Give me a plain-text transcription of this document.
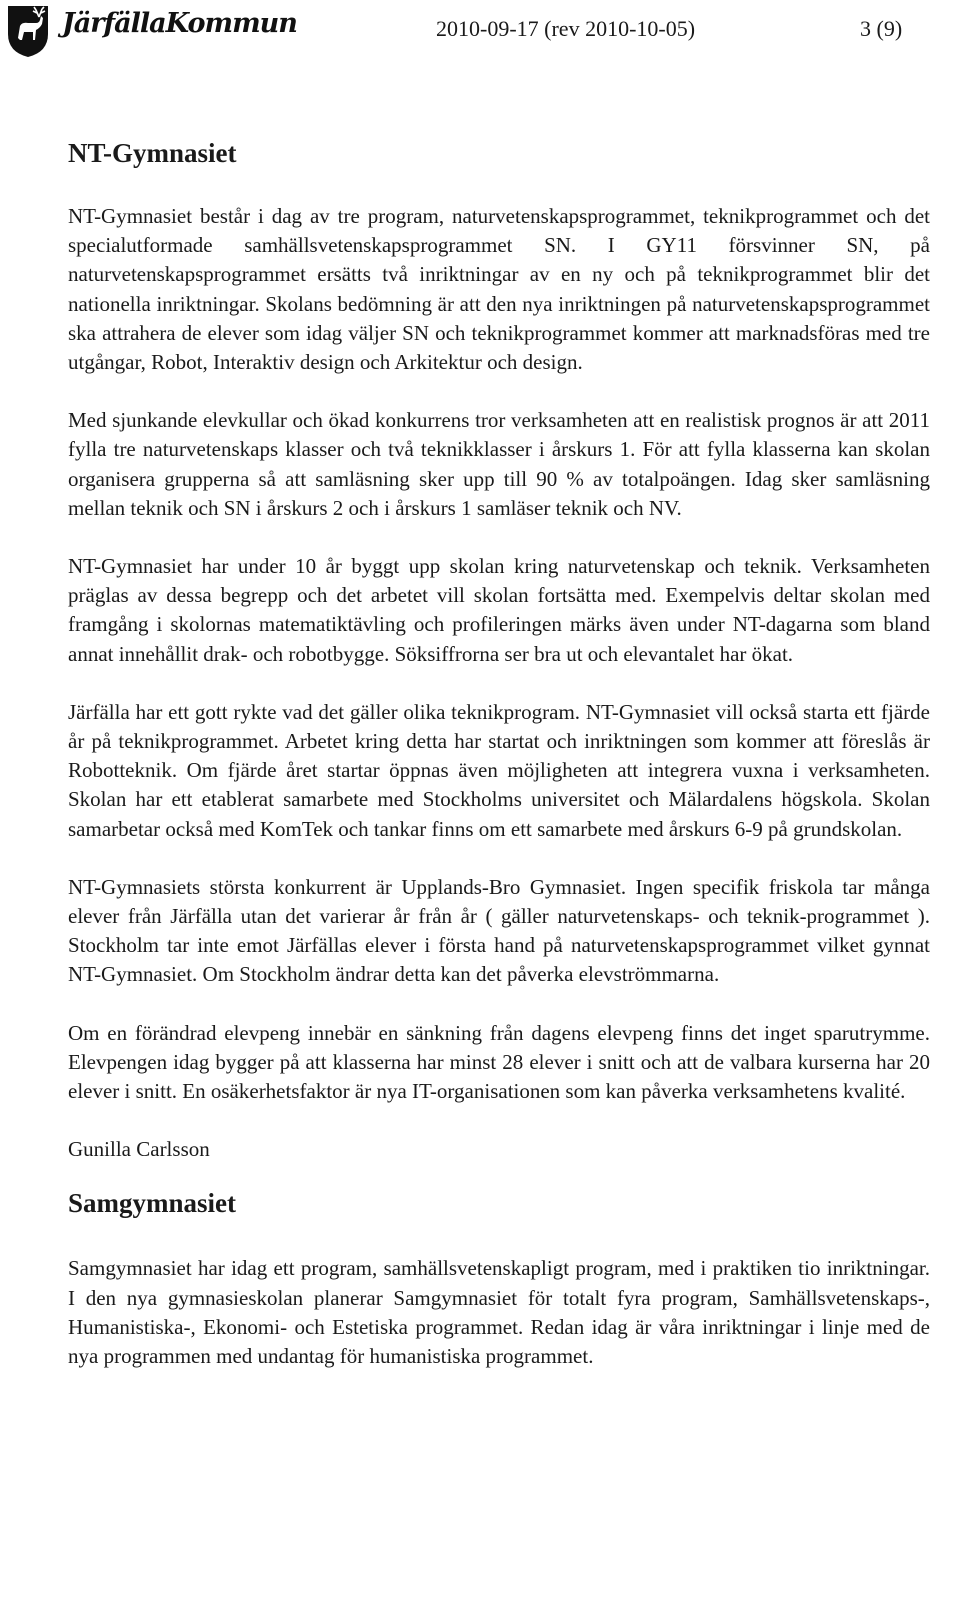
JärfällaKommun	2010-09-17 (rev 2010-10-05)	3 (9)
NT-Gymnasiet

NT-Gymnasiet består i dag av tre program, naturvetenskapsprogrammet, teknikprogrammet och det specialutformade samhällsvetenskapsprogrammet SN. I GY11 försvinner SN, på naturvetenskapsprogrammet ersätts två inriktningar av en ny och på teknikprogrammet blir det nationella inriktningar. Skolans bedömning är att den nya inriktningen på naturvetenskapsprogrammet ska attrahera de elever som idag väljer SN och teknikprogrammet kommer att marknadsföras med tre utgångar, Robot, Interaktiv design och Arkitektur och design.

Med sjunkande elevkullar och ökad konkurrens tror verksamheten att en realistisk prognos är att 2011 fylla tre naturvetenskaps klasser och två teknikklasser i årskurs 1. För att fylla klasserna kan skolan organisera grupperna så att samläsning sker upp till 90 % av totalpoängen. Idag sker samläsning mellan teknik och SN i årskurs 2 och i årskurs 1 samläser teknik och NV.

NT-Gymnasiet har under 10 år byggt upp skolan kring naturvetenskap och teknik. Verksamheten präglas av dessa begrepp och det arbetet vill skolan fortsätta med. Exempelvis deltar skolan med framgång i skolornas matematiktävling och profileringen märks även under NT-dagarna som bland annat innehållit drak- och robotbygge. Söksiffrorna ser bra ut och elevantalet har ökat.

Järfälla har ett gott rykte vad det gäller olika teknikprogram. NT-Gymnasiet vill också starta ett fjärde år på teknikprogrammet. Arbetet kring detta har startat och inriktningen som kommer att föreslås är Robotteknik. Om fjärde året startar öppnas även möjligheten att integrera vuxna i verksamheten. Skolan har ett etablerat samarbete med Stockholms universitet och Mälardalens högskola. Skolan samarbetar också med KomTek och tankar finns om ett samarbete med årskurs 6-9 på grundskolan.

NT-Gymnasiets största konkurrent är Upplands-Bro Gymnasiet. Ingen specifik friskola tar många elever från Järfälla utan det varierar år från år ( gäller naturvetenskaps- och teknik-programmet ). Stockholm tar inte emot Järfällas elever i första hand på naturvetenskapsprogrammet vilket gynnat NT-Gymnasiet. Om Stockholm ändrar detta kan det påverka elevströmmarna.

Om en förändrad elevpeng innebär en sänkning från dagens elevpeng finns det inget sparutrymme. Elevpengen idag bygger på att klasserna har minst 28 elever i snitt och att de valbara kurserna har 20 elever i snitt. En osäkerhetsfaktor är nya IT-organisationen som kan påverka verksamhetens kvalité.

Gunilla Carlsson

Samgymnasiet

Samgymnasiet har idag ett program, samhällsvetenskapligt program, med i praktiken tio inriktningar. I den nya gymnasieskolan planerar Samgymnasiet för totalt fyra program, Samhällsvetenskaps-, Humanistiska-, Ekonomi- och Estetiska programmet. Redan idag är våra inriktningar i linje med de nya programmen med undantag för humanistiska programmet.
